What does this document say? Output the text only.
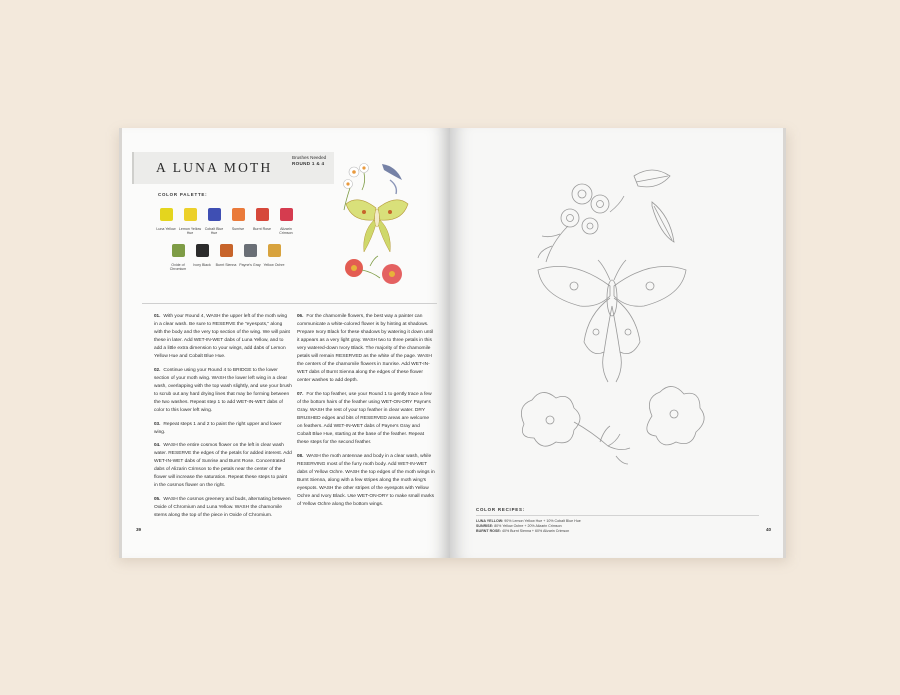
A LUNA MOTH
Brushes Needed
ROUND 1 & 4
COLOR PALETTE:
Luna Yellow Lemon Yellow Hue
Cobalt Blue Hue
Sunrise	Burnt Rose	Alizarin Crimson
Oxide of Chromium
Ivory Black	Burnt Sienna Payne's Gray Yellow Ochre

01. With your Round 4, WASH the upper left of the moth wing in a clear wash. Be sure to RESERVE the "eyespots," along with the body and the very top section of the wing. We will paint these in later. Add WET-IN-WET dabs of Luna Yellow, and to add a little extra dimension to your wings, add dabs of Lemon Yellow Hue and Cobalt Blue Hue.

02. Continue using your Round 4 to BRIDGE to the lower section of your moth wing. WASH the lower left wing in a clear wash, overlapping with the top wash slightly, and use your brush to scrub out any hard drying lines that may be forming between the two washes. Repeat step 1 to add WET-IN-WET dabs of color to this lower left wing.

03. Repeat steps 1 and 2 to paint the right upper and lower wing.

04. WASH the entire cosmos flower on the left in clear wash water. RESERVE the edges of the petals for added interest. Add WET-IN-WET dabs of Sunrise and Burnt Rose. Concentrated dabs of Alizarin Crimson to the petals near the center of the flower will increase the saturation. Repeat these steps to paint in the cosmos flower on the right.

05. WASH the cosmos greenery and buds, alternating between Oxide of Chromium and Luna Yellow. WASH the chamomile stems along the top of the piece in Oxide of Chromium.

06. For the chamomile flowers, the best way a painter can communicate a white-colored flower is by hinting at shadows. Prepare Ivory Black for these shadows by watering it down until it appears as a very light gray. WASH two to three petals in this very watered-down Ivory Black. The majority of the chamomile petals will remain RESERVED as the white of the page. WASH the centers of the chamomile flowers in Sunrise. Add WET-IN-WET dabs of Burnt Sienna along the edges of these flower center washes to add depth.

07. For the top feather, use your Round 1 to gently trace a few of the bottom hairs of the feather using WET-ON-DRY Payne's Gray. WASH the rest of your top feather in clear water. DRY BRUSHED edges and bits of RESERVED areas are welcome on feathers. Add WET-IN-WET dabs of Payne's Gray and Cobalt Blue Hue, starting at the base of the feather. Repeat these steps for the second feather.

08. WASH the moth antennae and body in a clear wash, while RESERVING most of the furry moth body. Add WET-IN-WET dabs of Yellow Ochre. WASH the top edges of the moth wings in Burnt Sienna, along with a few stripes along the moth wing's eyespots. WASH the other stripes of the eyespots with Yellow Ochre and Ivory Black. Use WET-ON-DRY to make small marks of Yellow Ochre along the bottom wings.

39
COLOR RECIPES:
LUNA YELLOW: 90% Lemon Yellow Hue + 10% Cobalt Blue Hue
SUNRISE: 80% Yellow Ochre + 20% Alizarin Crimson
BURNT ROSE: 40% Burnt Sienna + 60% Alizarin Crimson	40
